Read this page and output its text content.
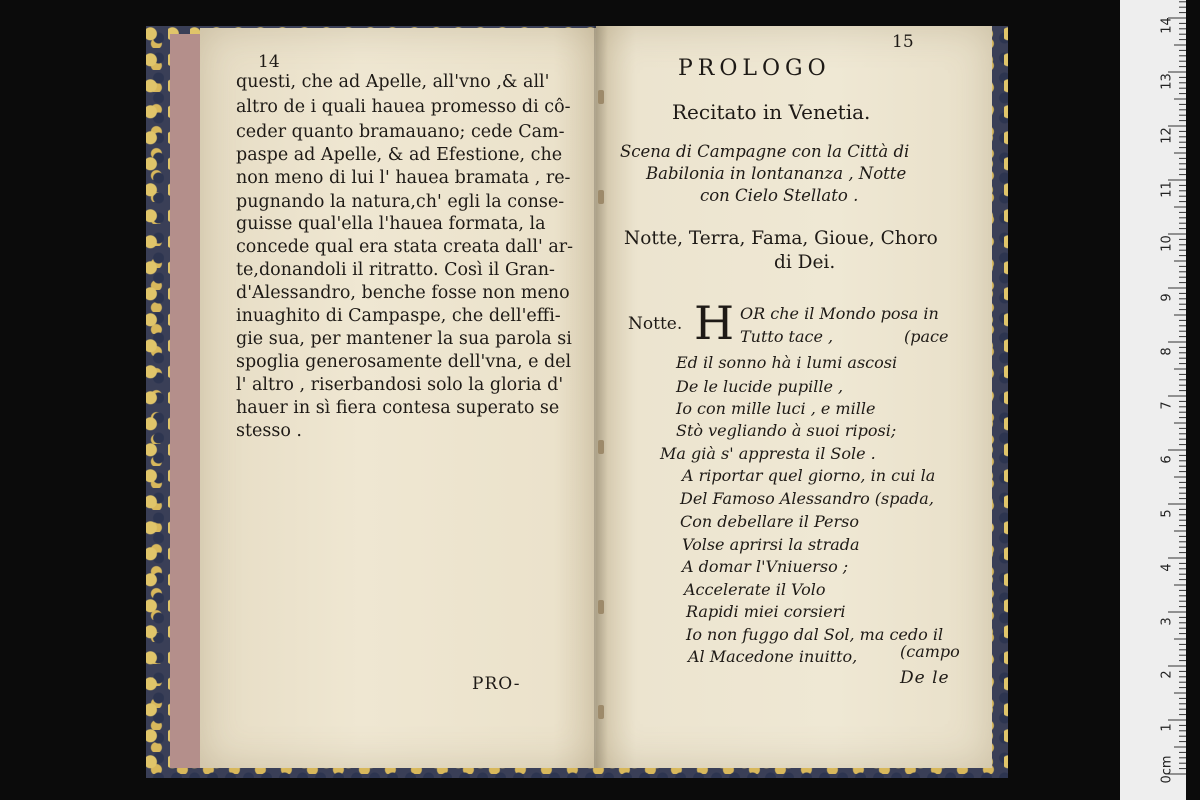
14
questi, che ad Apelle, all'vno ,& all'
altro de i quali hauea promesso di cô-
ceder quanto bramauano; cede Cam-
paspe ad Apelle, & ad Efestione, che
non meno di lui l' hauea bramata , re-
pugnando la natura,ch' egli la conse-
guisse qual'ella l'hauea formata, la
concede qual era stata creata dall' ar-
te,donandoli il ritratto. Così il Gran-
d'Alessandro, benche fosse non meno
inuaghito di Campaspe, che dell'effi-
gie sua, per mantener la sua parola si
spoglia generosamente dell'vna, e del
l' altro , riserbandosi solo la gloria d'
hauer in sì fiera contesa superato se
stesso .
PRO-
15
PROLOGO
Recitato in Venetia.
Scena di Campagne con la Città di
Babilonia in lontananza , Notte
con Cielo Stellato .
Notte, Terra, Fama, Gioue, Choro
di Dei.
Notte. H OR che il Mondo posa in
Tutto tace ,	(pace
Ed il sonno hà i lumi ascosi
De le lucide pupille ,
Io con mille luci , e mille
Stò vegliando à suoi riposi;
Ma già s' appresta il Sole .
A riportar quel giorno, in cui la
Del Famoso Alessandro (spada,
Con debellare il Perso
Volse aprirsi la strada
A domar l'Vniuerso ;
Accelerate il Volo
Rapidi miei corsieri
Io non fuggo dal Sol, ma cedo il
Al Macedone inuitto,	(campo
De le
0cm
1
2
3
4
5
6
7
8
9
10
11
12
13
14
